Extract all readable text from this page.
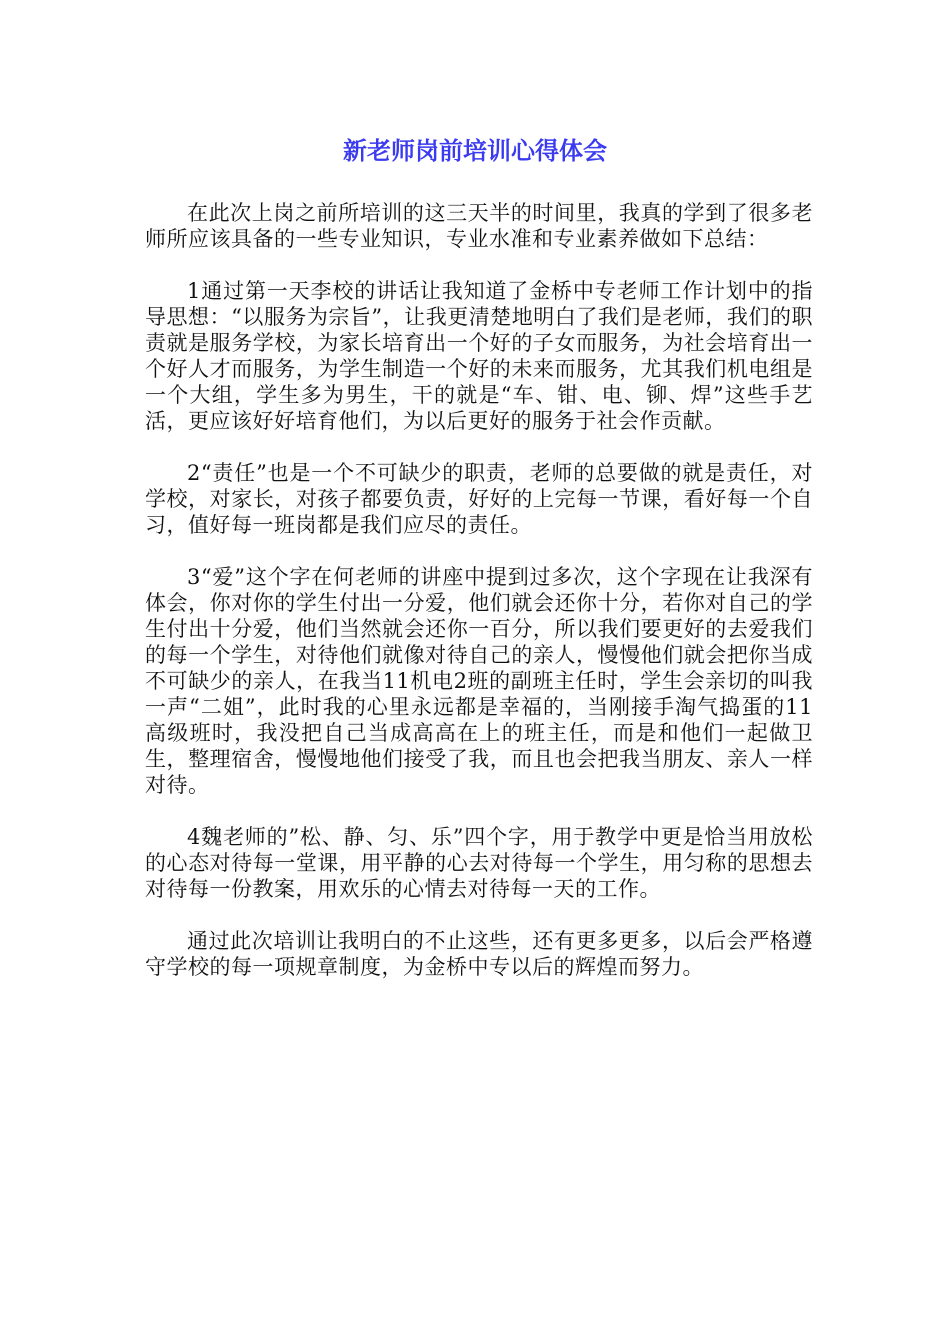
新老师岗前培训心得体会

在此次上岗之前所培训的这三天半的时间里，我真的学到了很多老师所应该具备的一些专业知识，专业水准和专业素养做如下总结：

1通过第一天李校的讲话让我知道了金桥中专老师工作计划中的指导思想：“以服务为宗旨”，让我更清楚地明白了我们是老师，我们的职责就是服务学校，为家长培育出一个好的子女而服务，为社会培育出一个好人才而服务，为学生制造一个好的未来而服务，尤其我们机电组是一个大组，学生多为男生，干的就是“车、钳、电、铆、焊”这些手艺活，更应该好好培育他们，为以后更好的服务于社会作贡献。

2“责任”也是一个不可缺少的职责，老师的总要做的就是责任，对学校，对家长，对孩子都要负责，好好的上完每一节课，看好每一个自习，值好每一班岗都是我们应尽的责任。

3“爱”这个字在何老师的讲座中提到过多次，这个字现在让我深有体会，你对你的学生付出一分爱，他们就会还你十分，若你对自己的学生付出十分爱，他们当然就会还你一百分，所以我们要更好的去爱我们的每一个学生，对待他们就像对待自己的亲人，慢慢他们就会把你当成不可缺少的亲人，在我当11机电2班的副班主任时，学生会亲切的叫我一声“二姐”，此时我的心里永远都是幸福的，当刚接手淘气捣蛋的11高级班时，我没把自己当成高高在上的班主任，而是和他们一起做卫生，整理宿舍，慢慢地他们接受了我，而且也会把我当朋友、亲人一样对待。

4魏老师的”松、静、匀、乐”四个字，用于教学中更是恰当用放松的心态对待每一堂课，用平静的心去对待每一个学生，用匀称的思想去对待每一份教案，用欢乐的心情去对待每一天的工作。

通过此次培训让我明白的不止这些，还有更多更多，以后会严格遵守学校的每一项规章制度，为金桥中专以后的辉煌而努力。
